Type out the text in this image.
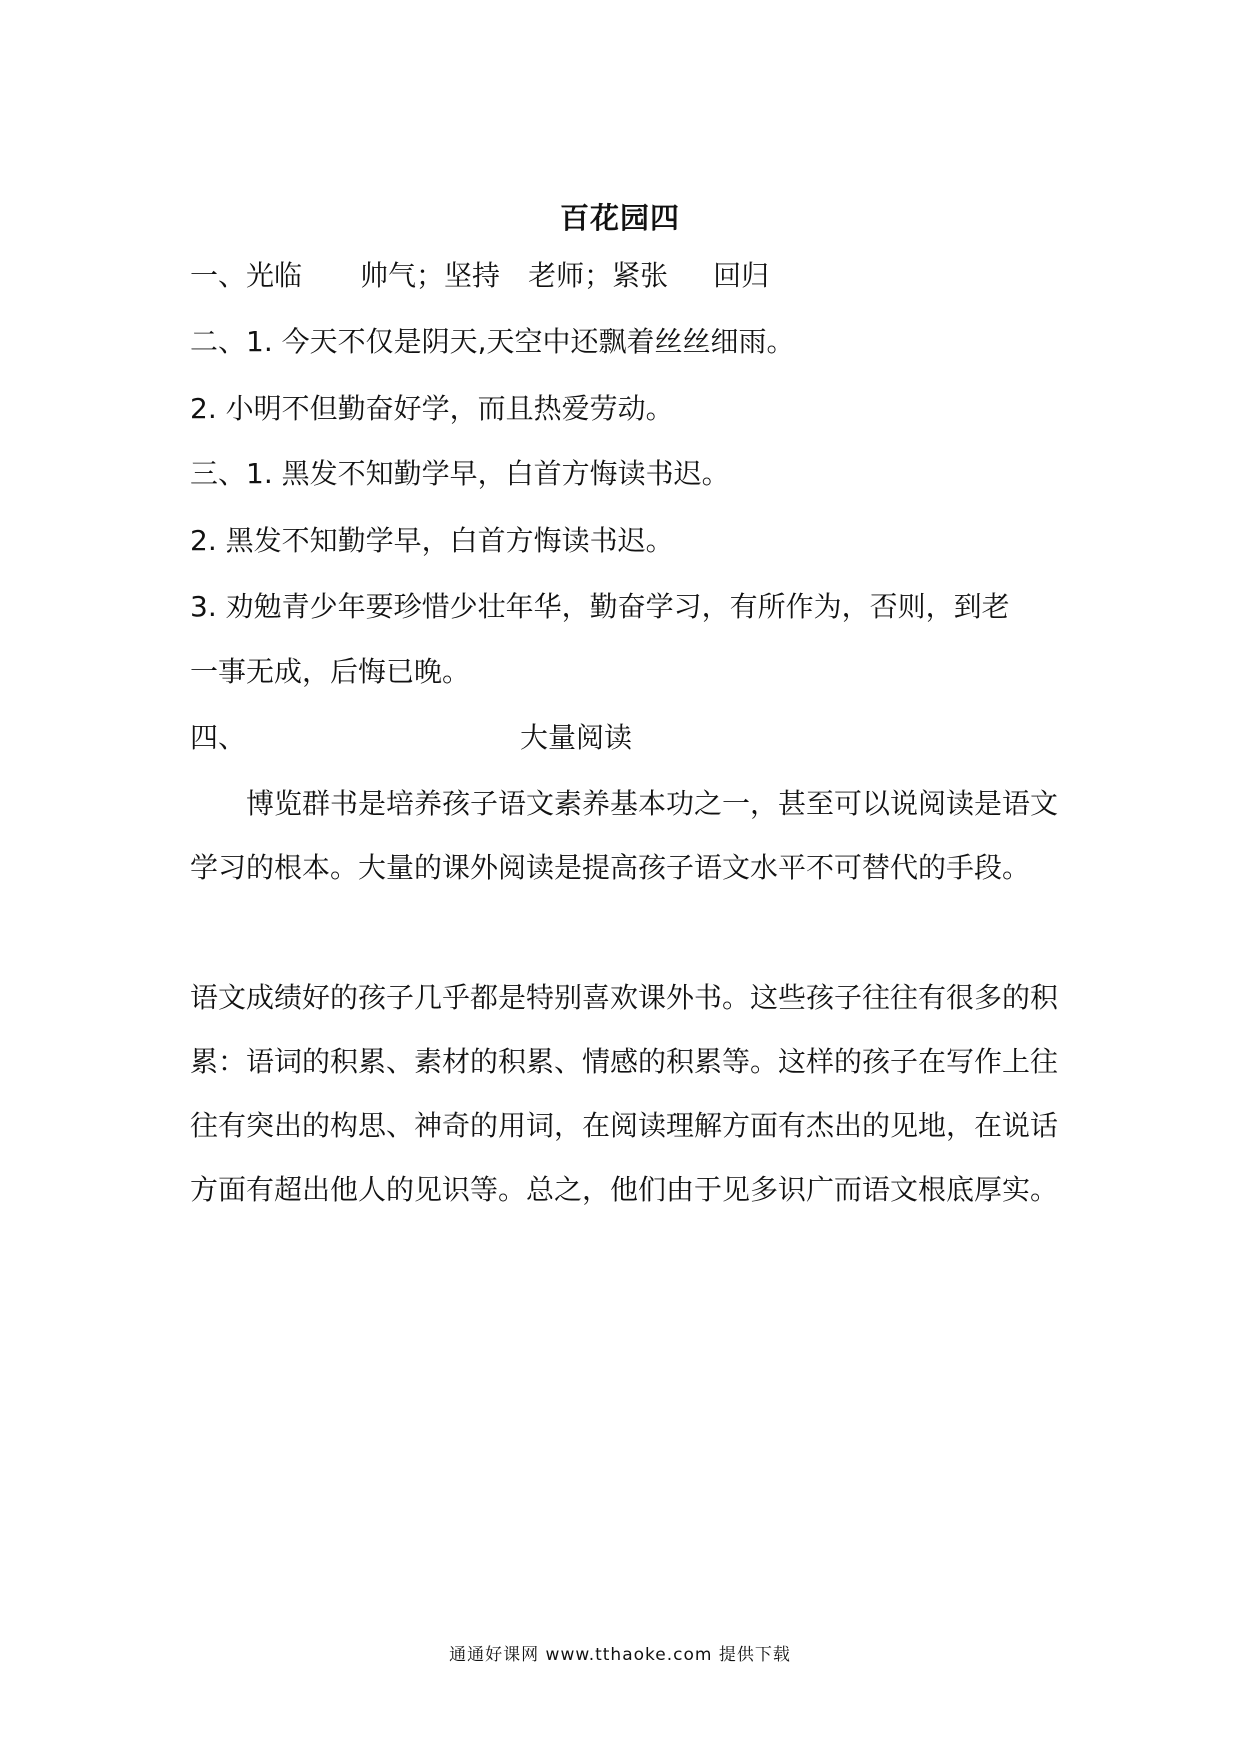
百花园四
一、光临 帅气；坚持 老师；紧张 回归
二、1. 今天不仅是阴天,天空中还飘着丝丝细雨。
2. 小明不但勤奋好学，而且热爱劳动。
三、1. 黑发不知勤学早，白首方悔读书迟。
2. 黑发不知勤学早，白首方悔读书迟。
3. 劝勉青少年要珍惜少壮年华，勤奋学习，有所作为，否则，到老
一事无成，后悔已晚。
四、	大量阅读
博览群书是培养孩子语文素养基本功之一，甚至可以说阅读是语文学习的根本。大量的课外阅读是提高孩子语文水平不可替代的手段。
语文成绩好的孩子几乎都是特别喜欢课外书。这些孩子往往有很多的积累：语词的积累、素材的积累、情感的积累等。这样的孩子在写作上往往有突出的构思、神奇的用词，在阅读理解方面有杰出的见地，在说话方面有超出他人的见识等。总之，他们由于见多识广而语文根底厚实。
通通好课网 www.tthaoke.com 提供下载
